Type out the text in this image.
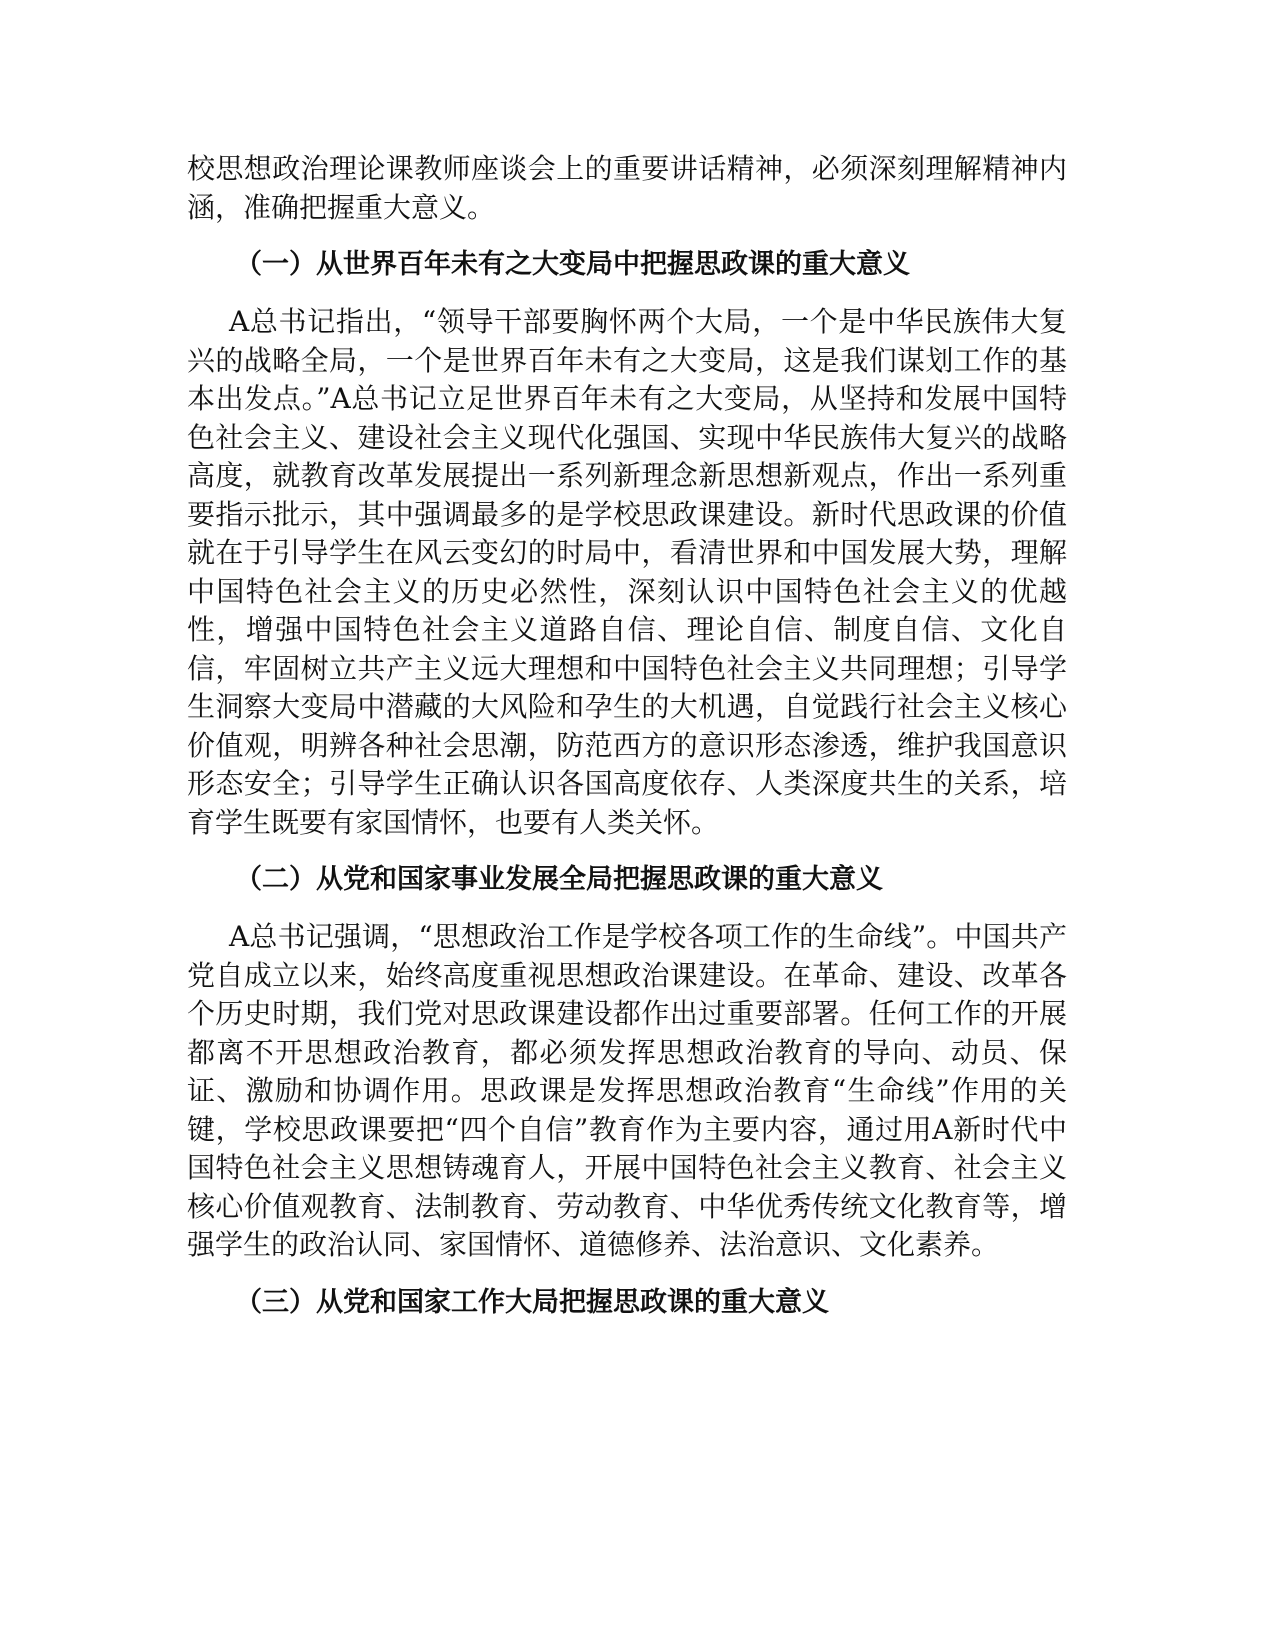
校思想政治理论课教师座谈会上的重要讲话精神，必须深刻理解精神内涵，准确把握重大意义。

（一）从世界百年未有之大变局中把握思政课的重大意义

A总书记指出，“领导干部要胸怀两个大局，一个是中华民族伟大复兴的战略全局，一个是世界百年未有之大变局，这是我们谋划工作的基本出发点。”A总书记立足世界百年未有之大变局，从坚持和发展中国特色社会主义、建设社会主义现代化强国、实现中华民族伟大复兴的战略高度，就教育改革发展提出一系列新理念新思想新观点，作出一系列重要指示批示，其中强调最多的是学校思政课建设。新时代思政课的价值就在于引导学生在风云变幻的时局中，看清世界和中国发展大势，理解中国特色社会主义的历史必然性，深刻认识中国特色社会主义的优越性，增强中国特色社会主义道路自信、理论自信、制度自信、文化自信，牢固树立共产主义远大理想和中国特色社会主义共同理想；引导学生洞察大变局中潜藏的大风险和孕生的大机遇，自觉践行社会主义核心价值观，明辨各种社会思潮，防范西方的意识形态渗透，维护我国意识形态安全；引导学生正确认识各国高度依存、人类深度共生的关系，培育学生既要有家国情怀，也要有人类关怀。

（二）从党和国家事业发展全局把握思政课的重大意义

A总书记强调，“思想政治工作是学校各项工作的生命线”。中国共产党自成立以来，始终高度重视思想政治课建设。在革命、建设、改革各个历史时期，我们党对思政课建设都作出过重要部署。任何工作的开展都离不开思想政治教育，都必须发挥思想政治教育的导向、动员、保证、激励和协调作用。思政课是发挥思想政治教育“生命线”作用的关键，学校思政课要把“四个自信”教育作为主要内容，通过用A新时代中国特色社会主义思想铸魂育人，开展中国特色社会主义教育、社会主义核心价值观教育、法制教育、劳动教育、中华优秀传统文化教育等，增强学生的政治认同、家国情怀、道德修养、法治意识、文化素养。

（三）从党和国家工作大局把握思政课的重大意义
